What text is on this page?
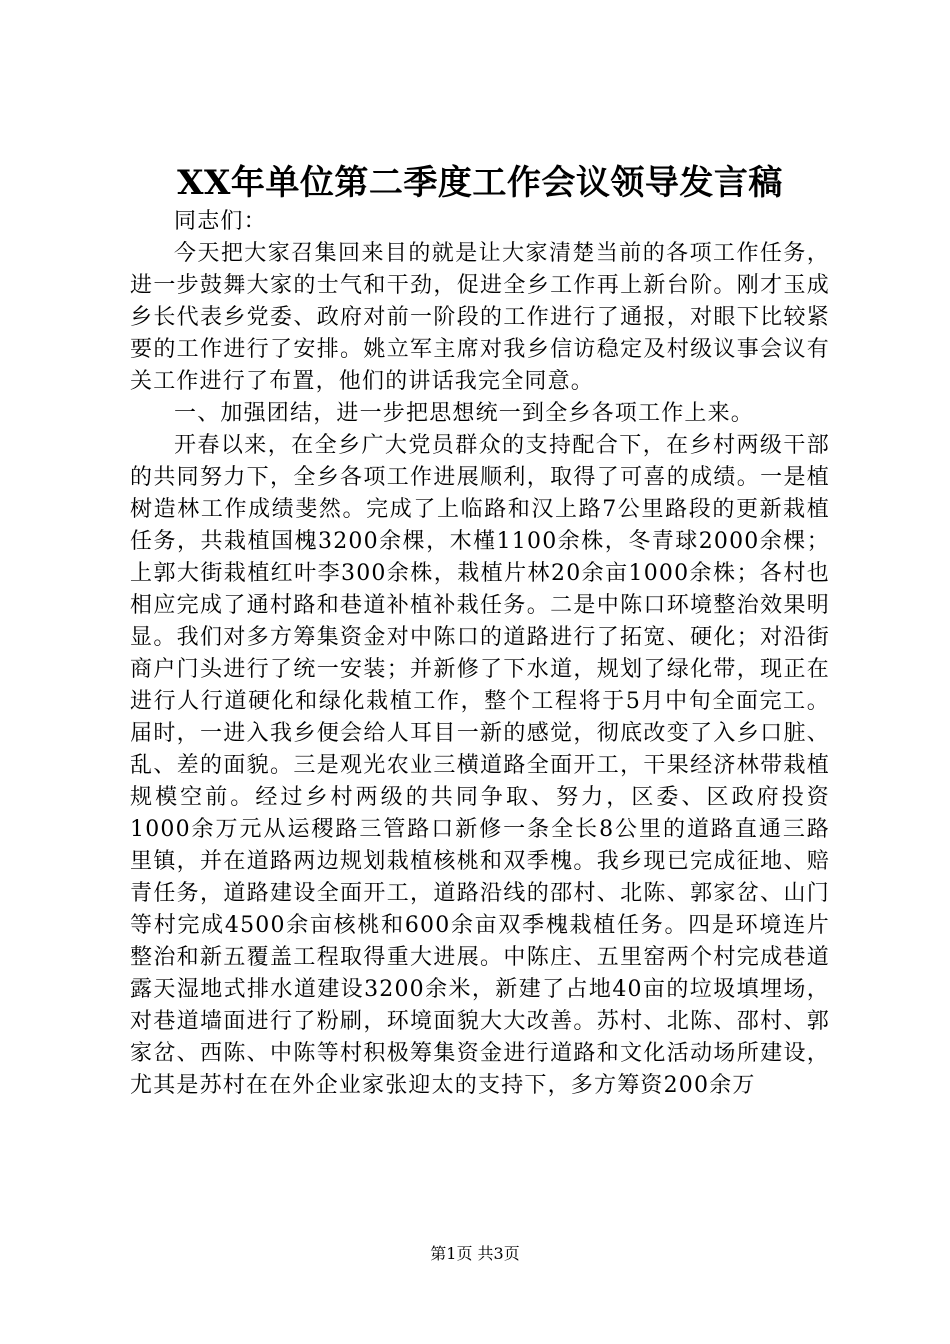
XX年单位第二季度工作会议领导发言稿

同志们：

今天把大家召集回来目的就是让大家清楚当前的各项工作任务，进一步鼓舞大家的士气和干劲，促进全乡工作再上新台阶。刚才玉成乡长代表乡党委、政府对前一阶段的工作进行了通报，对眼下比较紧要的工作进行了安排。姚立军主席对我乡信访稳定及村级议事会议有关工作进行了布置，他们的讲话我完全同意。

一、加强团结，进一步把思想统一到全乡各项工作上来。

开春以来，在全乡广大党员群众的支持配合下，在乡村两级干部的共同努力下，全乡各项工作进展顺利，取得了可喜的成绩。一是植树造林工作成绩斐然。完成了上临路和汉上路7公里路段的更新栽植任务，共栽植国槐3200余棵，木槿1100余株，冬青球2000余棵；上郭大街栽植红叶李300余株，栽植片林20余亩1000余株；各村也相应完成了通村路和巷道补植补栽任务。二是中陈口环境整治效果明显。我们对多方筹集资金对中陈口的道路进行了拓宽、硬化；对沿街商户门头进行了统一安装；并新修了下水道，规划了绿化带，现正在进行人行道硬化和绿化栽植工作，整个工程将于5月中旬全面完工。届时，一进入我乡便会给人耳目一新的感觉，彻底改变了入乡口脏、乱、差的面貌。三是观光农业三横道路全面开工，干果经济林带栽植规模空前。经过乡村两级的共同争取、努力，区委、区政府投资1000余万元从运稷路三管路口新修一条全长8公里的道路直通三路里镇，并在道路两边规划栽植核桃和双季槐。我乡现已完成征地、赔青任务，道路建设全面开工，道路沿线的邵村、北陈、郭家岔、山门等村完成4500余亩核桃和600余亩双季槐栽植任务。四是环境连片整治和新五覆盖工程取得重大进展。中陈庄、五里窑两个村完成巷道露天湿地式排水道建设3200余米，新建了占地40亩的垃圾填埋场，对巷道墙面进行了粉刷，环境面貌大大改善。苏村、北陈、邵村、郭家岔、西陈、中陈等村积极筹集资金进行道路和文化活动场所建设，尤其是苏村在在外企业家张迎太的支持下，多方筹资200余万

第1页 共3页
